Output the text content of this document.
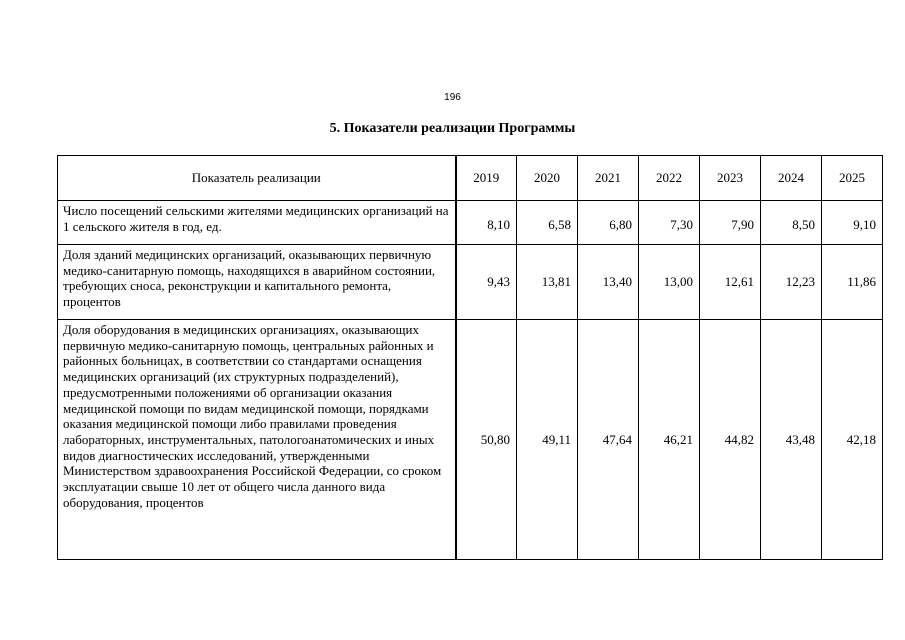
196
5. Показатели реализации Программы
Показатель реализации	2019	2020	2021	2022	2023	2024	2025
Число посещений сельскими жителями медицинских организаций на 1 сельского жителя в год, ед.	8,10	6,58	6,80	7,30	7,90	8,50	9,10
Доля зданий медицинских организаций, оказывающих первичную медико-санитарную помощь, находящихся в аварийном состоянии, требующих сноса, реконструкции и капитального ремонта, процентов	9,43	13,81	13,40	13,00	12,61	12,23	11,86
Доля оборудования в медицинских организациях, оказывающих первичную медико-санитарную помощь, центральных районных и районных больницах, в соответствии со стандартами оснащения медицинских организаций (их структурных подразделений), предусмотренными положениями об организации оказания медицинской помощи по видам медицинской помощи, порядками оказания медицинской помощи либо правилами проведения лабораторных, инструментальных, патологоанатомических и иных видов диагностических исследований, утвержденными Министерством здравоохранения Российской Федерации, со сроком эксплуатации свыше 10 лет от общего числа данного вида оборудования, процентов	50,80	49,11	47,64	46,21	44,82	43,48	42,18
